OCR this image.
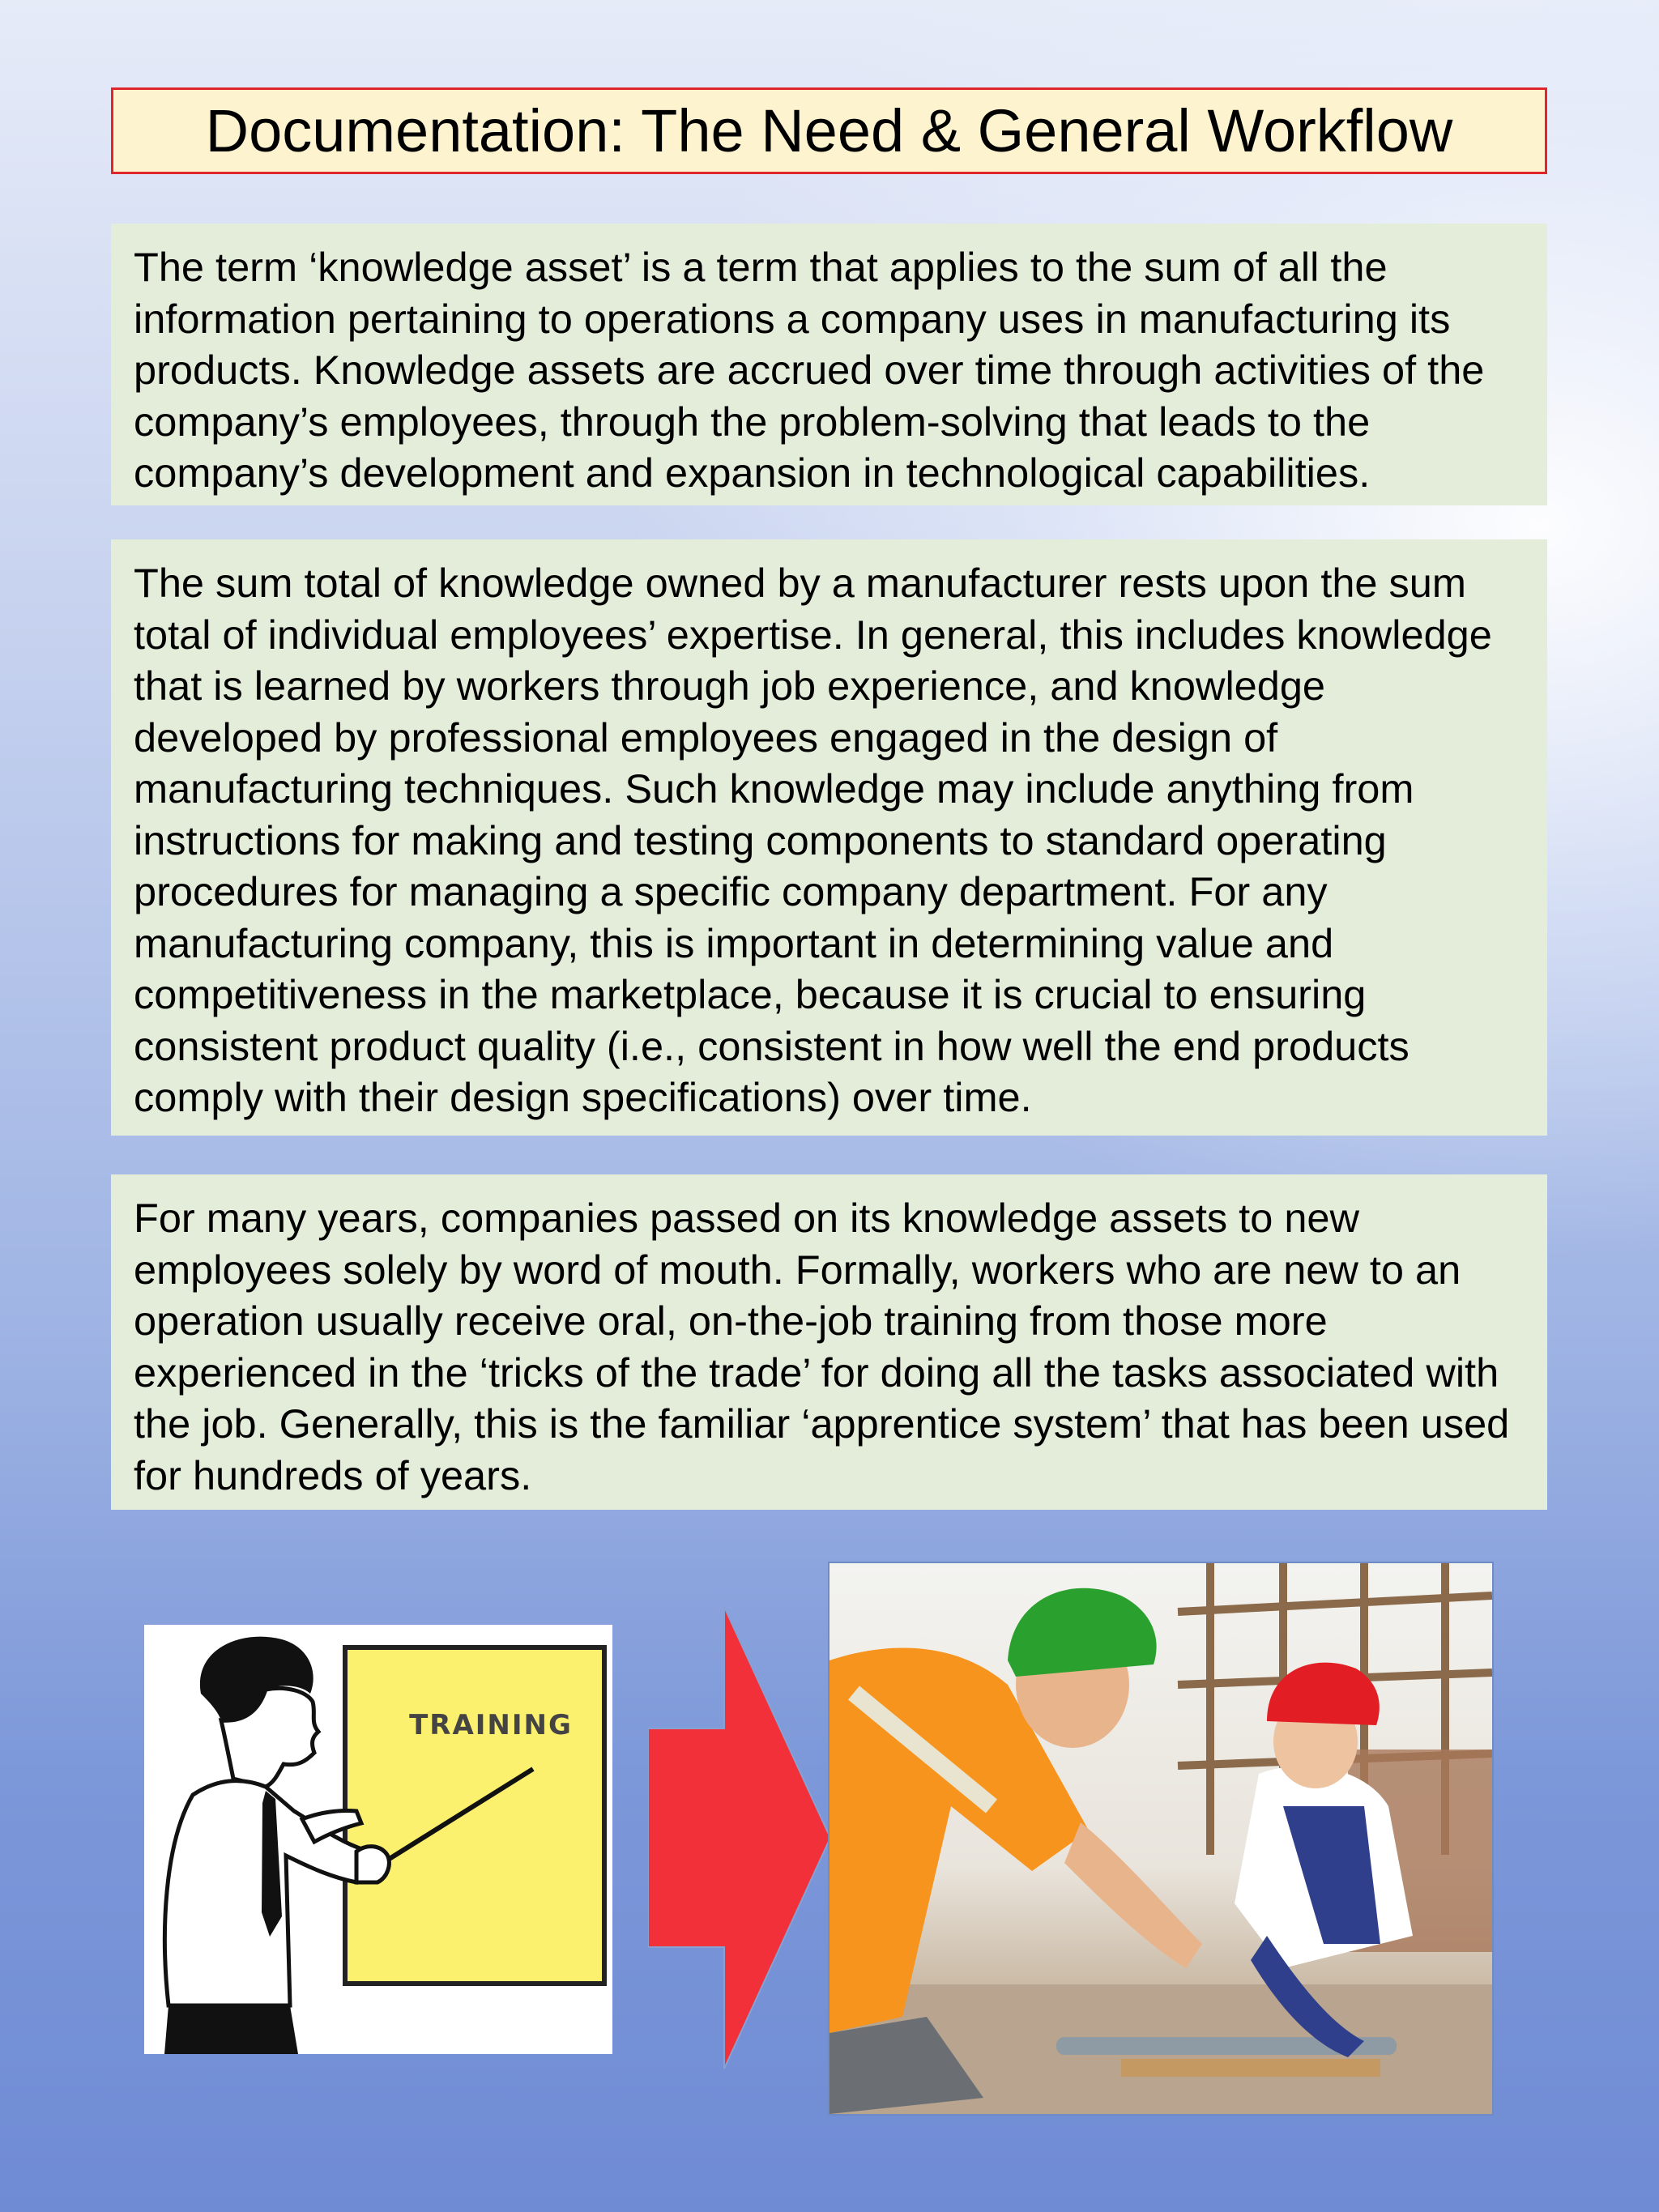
Documentation: The Need & General Workflow

The term ‘knowledge asset’ is a term that applies to the sum of all the information pertaining to operations a company uses in manufacturing its products. Knowledge assets are accrued over time through activities of the company’s employees, through the problem-solving that leads to the company’s development and expansion in technological capabilities.

The sum total of knowledge owned by a manufacturer rests upon the sum total of individual employees’ expertise. In general, this includes knowledge that is learned by workers through job experience, and knowledge developed by professional employees engaged in the design of manufacturing techniques. Such knowledge may include anything from instructions for making and testing components to standard operating procedures for managing a specific company department. For any manufacturing company, this is important in determining value and competitiveness in the marketplace, because it is crucial to ensuring consistent product quality (i.e., consistent in how well the end products comply with their design specifications) over time.

For many years, companies passed on its knowledge assets to new employees solely by word of mouth. Formally, workers who are new to an operation usually receive oral, on-the-job training from those more experienced in the ‘tricks of the trade’ for doing all the tasks associated with the job. Generally, this is the familiar ‘apprentice system’ that has been used for hundreds of years.

TRAINING
